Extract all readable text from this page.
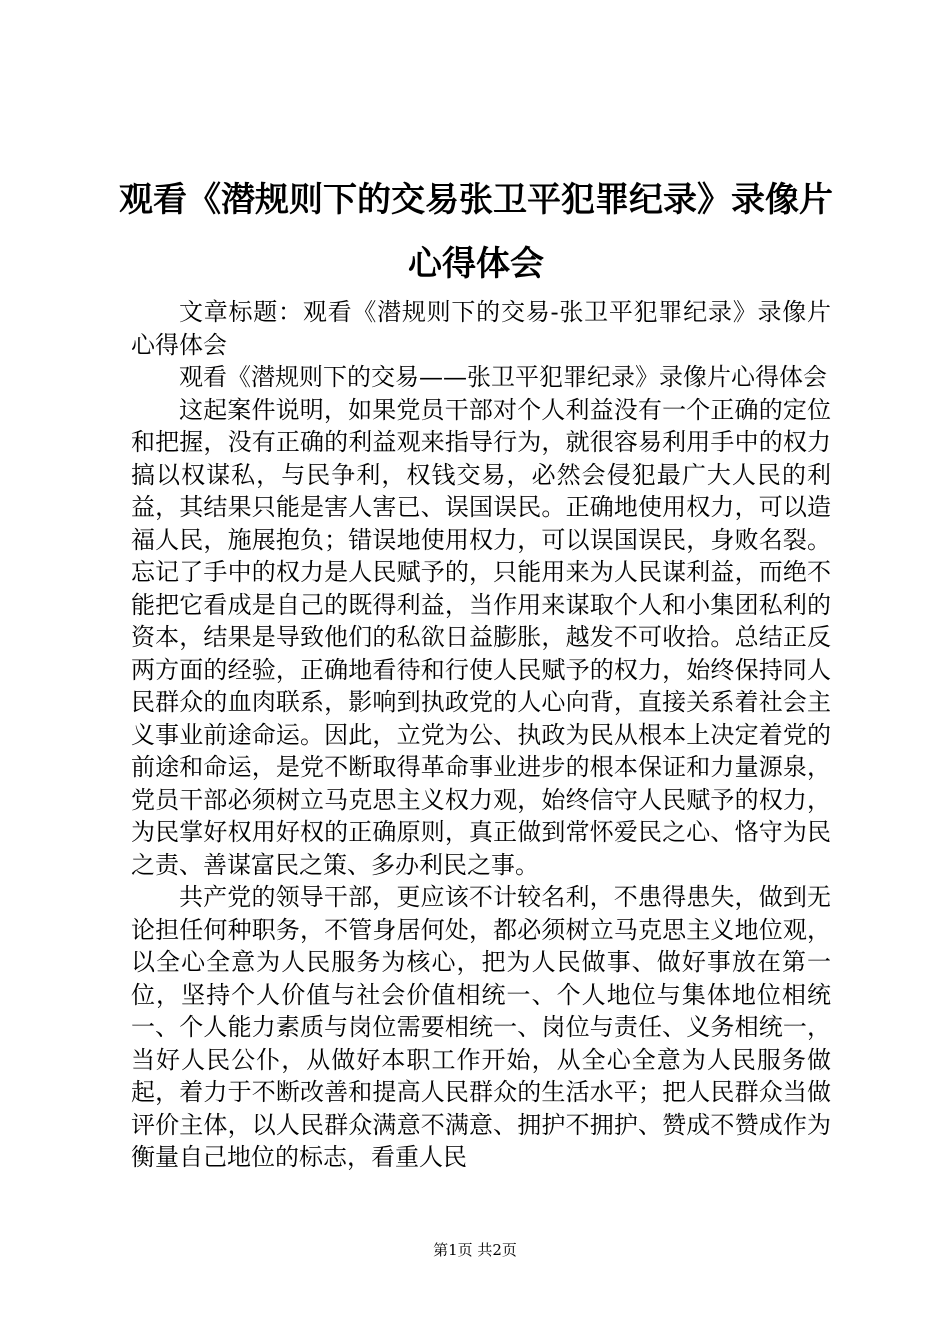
观看《潜规则下的交易张卫平犯罪纪录》录像片心得体会

文章标题：观看《潜规则下的交易-张卫平犯罪纪录》录像片心得体会

观看《潜规则下的交易——张卫平犯罪纪录》录像片心得体会

这起案件说明，如果党员干部对个人利益没有一个正确的定位和把握，没有正确的利益观来指导行为，就很容易利用手中的权力搞以权谋私，与民争利，权钱交易，必然会侵犯最广大人民的利益，其结果只能是害人害已、误国误民。正确地使用权力，可以造福人民，施展抱负；错误地使用权力，可以误国误民，身败名裂。忘记了手中的权力是人民赋予的，只能用来为人民谋利益，而绝不能把它看成是自己的既得利益，当作用来谋取个人和小集团私利的资本，结果是导致他们的私欲日益膨胀，越发不可收拾。总结正反两方面的经验，正确地看待和行使人民赋予的权力，始终保持同人民群众的血肉联系，影响到执政党的人心向背，直接关系着社会主义事业前途命运。因此，立党为公、执政为民从根本上决定着党的前途和命运，是党不断取得革命事业进步的根本保证和力量源泉，党员干部必须树立马克思主义权力观，始终信守人民赋予的权力，为民掌好权用好权的正确原则，真正做到常怀爱民之心、恪守为民之责、善谋富民之策、多办利民之事。

共产党的领导干部，更应该不计较名利，不患得患失，做到无论担任何种职务，不管身居何处，都必须树立马克思主义地位观，以全心全意为人民服务为核心，把为人民做事、做好事放在第一位，坚持个人价值与社会价值相统一、个人地位与集体地位相统一、个人能力素质与岗位需要相统一、岗位与责任、义务相统一，当好人民公仆，从做好本职工作开始，从全心全意为人民服务做起，着力于不断改善和提高人民群众的生活水平；把人民群众当做评价主体，以人民群众满意不满意、拥护不拥护、赞成不赞成作为衡量自己地位的标志，看重人民

第1页 共2页
